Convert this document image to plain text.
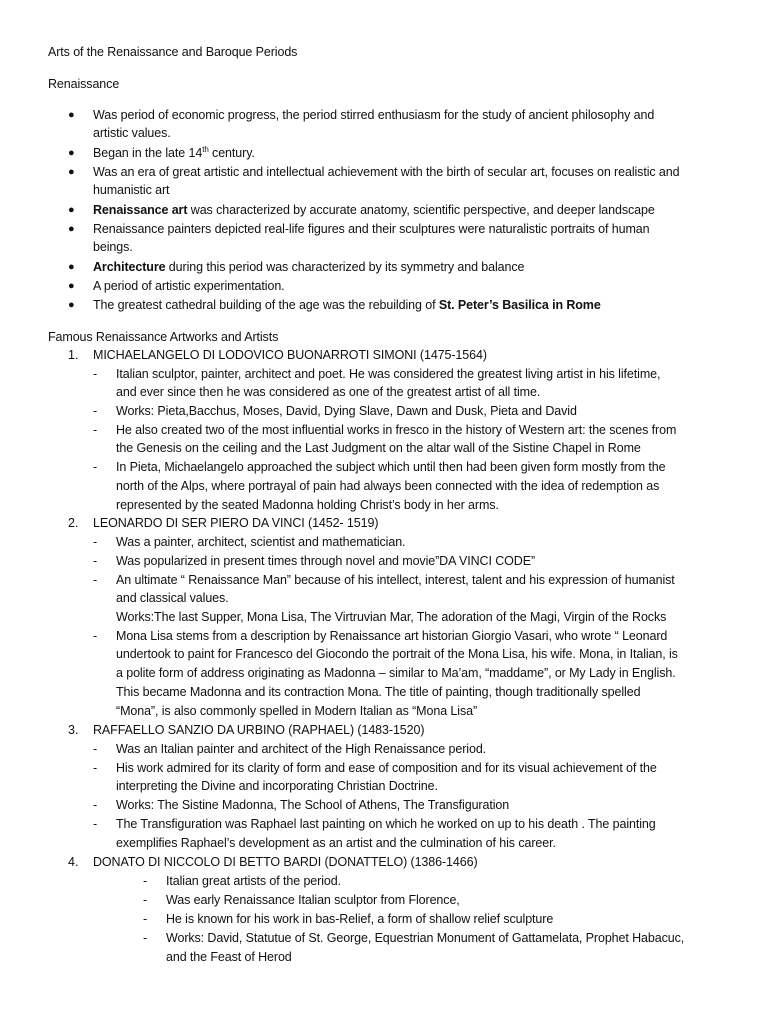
Arts of the Renaissance and Baroque Periods
Renaissance
● Was period of economic progress, the period stirred enthusiasm for the study of ancient philosophy and
artistic values.
● Began in the late 14th century.
● Was an era of great artistic and intellectual achievement with the birth of secular art, focuses on realistic and
humanistic art
● Renaissance art was characterized by accurate anatomy, scientific perspective, and deeper landscape
● Renaissance painters depicted real-life figures and their sculptures were naturalistic portraits of human
beings.
● Architecture during this period was characterized by its symmetry and balance
● A period of artistic experimentation.
● The greatest cathedral building of the age was the rebuilding of St. Peter’s Basilica in Rome
Famous Renaissance Artworks and Artists
1. MICHAELANGELO DI LODOVICO BUONARROTI SIMONI (1475-1564)
- Italian sculptor, painter, architect and poet. He was considered the greatest living artist in his lifetime,
and ever since then he was considered as one of the greatest artist of all time.
- Works: Pieta,Bacchus, Moses, David, Dying Slave, Dawn and Dusk, Pieta and David
- He also created two of the most influential works in fresco in the history of Western art: the scenes from
the Genesis on the ceiling and the Last Judgment on the altar wall of the Sistine Chapel in Rome
- In Pieta, Michaelangelo approached the subject which until then had been given form mostly from the
north of the Alps, where portrayal of pain had always been connected with the idea of redemption as
represented by the seated Madonna holding Christ’s body in her arms.
2. LEONARDO DI SER PIERO DA VINCI (1452- 1519)
- Was a painter, architect, scientist and mathematician.
- Was popularized in present times through novel and movie”DA VINCI CODE”
- An ultimate “ Renaissance Man” because of his intellect, interest, talent and his expression of humanist
and classical values.
Works:The last Supper, Mona Lisa, The Virtruvian Mar, The adoration of the Magi, Virgin of the Rocks
- Mona Lisa stems from a description by Renaissance art historian Giorgio Vasari, who wrote “ Leonard
undertook to paint for Francesco del Giocondo the portrait of the Mona Lisa, his wife. Mona, in Italian, is
a polite form of address originating as Madonna – similar to Ma’am, “maddame”, or My Lady in English.
This became Madonna and its contraction Mona. The title of painting, though traditionally spelled
“Mona”, is also commonly spelled in Modern Italian as “Mona Lisa”
3. RAFFAELLO SANZIO DA URBINO (RAPHAEL) (1483-1520)
- Was an Italian painter and architect of the High Renaissance period.
- His work admired for its clarity of form and ease of composition and for its visual achievement of the
interpreting the Divine and incorporating Christian Doctrine.
- Works: The Sistine Madonna, The School of Athens, The Transfiguration
- The Transfiguration was Raphael last painting on which he worked on up to his death . The painting
exemplifies Raphael’s development as an artist and the culmination of his career.
4. DONATO DI NICCOLO DI BETTO BARDI (DONATTELO) (1386-1466)
- Italian great artists of the period.
- Was early Renaissance Italian sculptor from Florence,
- He is known for his work in bas-Relief, a form of shallow relief sculpture
- Works: David, Statutue of St. George, Equestrian Monument of Gattamelata, Prophet Habacuc,
and the Feast of Herod
